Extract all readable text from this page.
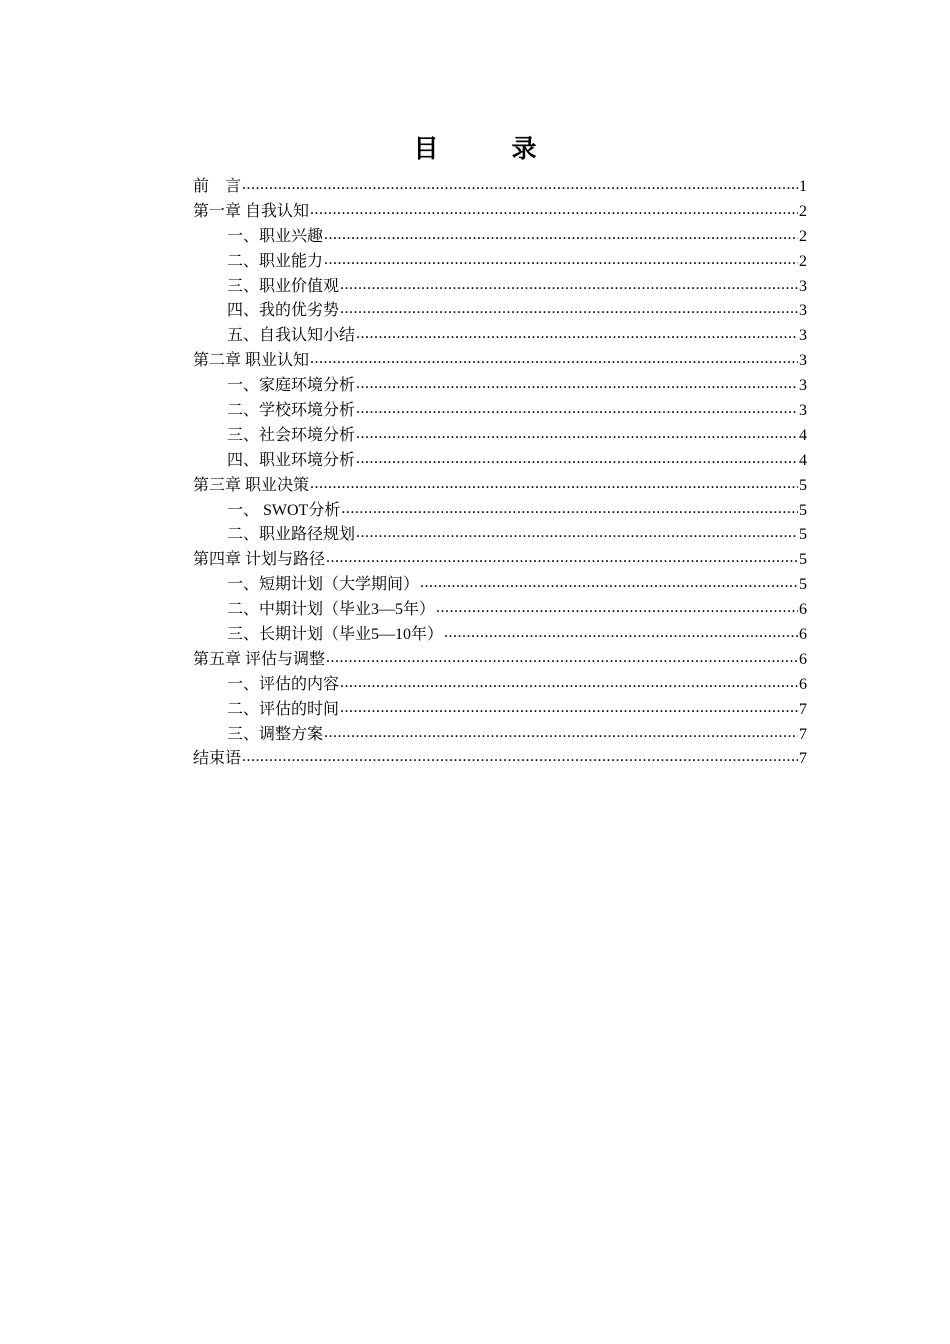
目　录
前　言 .....	1
第一章 自我认知 .....	2
一、职业兴趣 .....	2
二、职业能力 .....	2
三、职业价值观 .....	3
四、我的优劣势 .....	3
五、自我认知小结 .....	3
第二章 职业认知 .....	3
一、家庭环境分析 .....	3
二、学校环境分析 .....	3
三、社会环境分析 .....	4
四、职业环境分析 .....	4
第三章 职业决策 .....	5
一、 SWOT分析 .....	5
二、职业路径规划 .....	5
第四章 计划与路径 .....	5
一、短期计划（大学期间） .....	5
二、中期计划（毕业3—5年） .....	6
三、长期计划（毕业5—10年） .....	6
第五章 评估与调整 .....	6
一、评估的内容 .....	6
二、评估的时间 .....	7
三、调整方案 .....	7
结束语 .....	7
